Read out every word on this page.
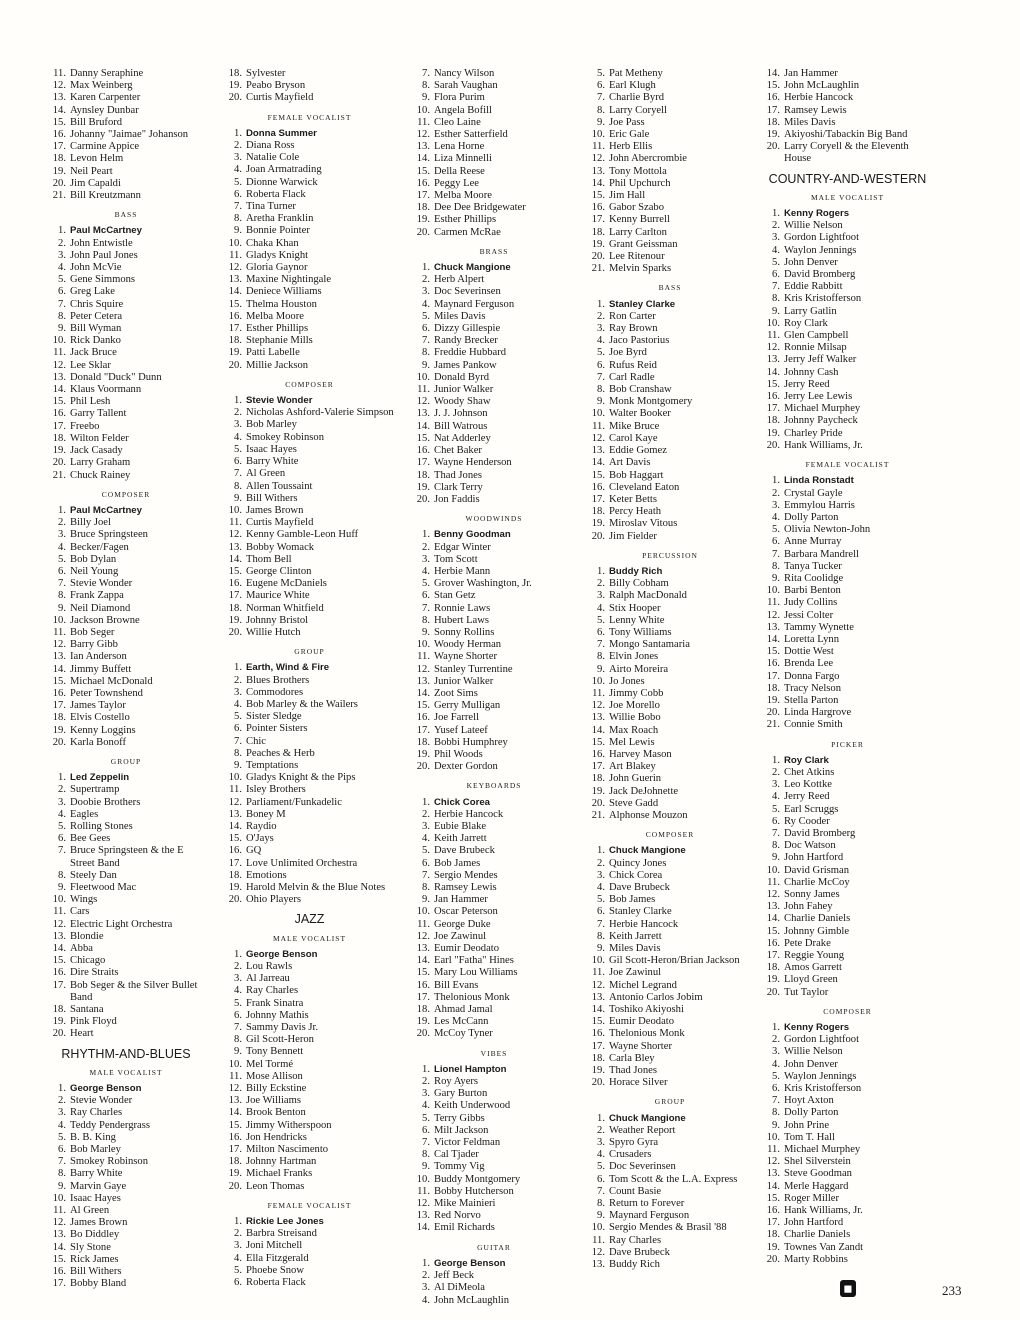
11. Danny Seraphine
12. Max Weinberg
13. Karen Carpenter
14. Aynsley Dunbar
15. Bill Bruford
16. Johanny "Jaimae" Johanson
17. Carmine Appice
18. Levon Helm
19. Neil Peart
20. Jim Capaldi
21. Bill Kreutzmann
BASS
1. Paul McCartney
2. John Entwistle
3. John Paul Jones
4. John McVie
5. Gene Simmons
6. Greg Lake
7. Chris Squire
8. Peter Cetera
9. Bill Wyman
10. Rick Danko
11. Jack Bruce
12. Lee Sklar
13. Donald "Duck" Dunn
14. Klaus Voormann
15. Phil Lesh
16. Garry Tallent
17. Freebo
18. Wilton Felder
19. Jack Casady
20. Larry Graham
21. Chuck Rainey
COMPOSER
1. Paul McCartney
2. Billy Joel
3. Bruce Springsteen
4. Becker/Fagen
5. Bob Dylan
6. Neil Young
7. Stevie Wonder
8. Frank Zappa
9. Neil Diamond
10. Jackson Browne
11. Bob Seger
12. Barry Gibb
13. Ian Anderson
14. Jimmy Buffett
15. Michael McDonald
16. Peter Townshend
17. James Taylor
18. Elvis Costello
19. Kenny Loggins
20. Karla Bonoff
GROUP
1. Led Zeppelin
2. Supertramp
3. Doobie Brothers
4. Eagles
5. Rolling Stones
6. Bee Gees
7. Bruce Springsteen & the E Street Band
8. Steely Dan
9. Fleetwood Mac
10. Wings
11. Cars
12. Electric Light Orchestra
13. Blondie
14. Abba
15. Chicago
16. Dire Straits
17. Bob Seger & the Silver Bullet Band
18. Santana
19. Pink Floyd
20. Heart
RHYTHM-AND-BLUES
MALE VOCALIST
1. George Benson
2. Stevie Wonder
3. Ray Charles
4. Teddy Pendergrass
5. B. B. King
6. Bob Marley
7. Smokey Robinson
8. Barry White
9. Marvin Gaye
10. Isaac Hayes
11. Al Green
12. James Brown
13. Bo Diddley
14. Sly Stone
15. Rick James
16. Bill Withers
17. Bobby Bland
18. Sylvester
19. Peabo Bryson
20. Curtis Mayfield
FEMALE VOCALIST
1. Donna Summer
2. Diana Ross
3. Natalie Cole
4. Joan Armatrading
5. Dionne Warwick
6. Roberta Flack
7. Tina Turner
8. Aretha Franklin
9. Bonnie Pointer
10. Chaka Khan
11. Gladys Knight
12. Gloria Gaynor
13. Maxine Nightingale
14. Deniece Williams
15. Thelma Houston
16. Melba Moore
17. Esther Phillips
18. Stephanie Mills
19. Patti Labelle
20. Millie Jackson
COMPOSER
1. Stevie Wonder
2. Nicholas Ashford-Valerie Simpson
3. Bob Marley
4. Smokey Robinson
5. Isaac Hayes
6. Barry White
7. Al Green
8. Allen Toussaint
9. Bill Withers
10. James Brown
11. Curtis Mayfield
12. Kenny Gamble-Leon Huff
13. Bobby Womack
14. Thom Bell
15. George Clinton
16. Eugene McDaniels
17. Maurice White
18. Norman Whitfield
19. Johnny Bristol
20. Willie Hutch
GROUP
1. Earth, Wind & Fire
2. Blues Brothers
3. Commodores
4. Bob Marley & the Wailers
5. Sister Sledge
6. Pointer Sisters
7. Chic
8. Peaches & Herb
9. Temptations
10. Gladys Knight & the Pips
11. Isley Brothers
12. Parliament/Funkadelic
13. Boney M
14. Raydio
15. O'Jays
16. GQ
17. Love Unlimited Orchestra
18. Emotions
19. Harold Melvin & the Blue Notes
20. Ohio Players
JAZZ
MALE VOCALIST
1. George Benson
2. Lou Rawls
3. Al Jarreau
4. Ray Charles
5. Frank Sinatra
6. Johnny Mathis
7. Sammy Davis Jr.
8. Gil Scott-Heron
9. Tony Bennett
10. Mel Tormé
11. Mose Allison
12. Billy Eckstine
13. Joe Williams
14. Brook Benton
15. Jimmy Witherspoon
16. Jon Hendricks
17. Milton Nascimento
18. Johnny Hartman
19. Michael Franks
20. Leon Thomas
FEMALE VOCALIST
1. Rickie Lee Jones
2. Barbra Streisand
3. Joni Mitchell
4. Ella Fitzgerald
5. Phoebe Snow
6. Roberta Flack
7. Nancy Wilson
8. Sarah Vaughan
9. Flora Purim
10. Angela Bofill
11. Cleo Laine
12. Esther Satterfield
13. Lena Horne
14. Liza Minnelli
15. Della Reese
16. Peggy Lee
17. Melba Moore
18. Dee Dee Bridgewater
19. Esther Phillips
20. Carmen McRae
BRASS
1. Chuck Mangione
2. Herb Alpert
3. Doc Severinsen
4. Maynard Ferguson
5. Miles Davis
6. Dizzy Gillespie
7. Randy Brecker
8. Freddie Hubbard
9. James Pankow
10. Donald Byrd
11. Junior Walker
12. Woody Shaw
13. J. J. Johnson
14. Bill Watrous
15. Nat Adderley
16. Chet Baker
17. Wayne Henderson
18. Thad Jones
19. Clark Terry
20. Jon Faddis
WOODWINDS
1. Benny Goodman
2. Edgar Winter
3. Tom Scott
4. Herbie Mann
5. Grover Washington, Jr.
6. Stan Getz
7. Ronnie Laws
8. Hubert Laws
9. Sonny Rollins
10. Woody Herman
11. Wayne Shorter
12. Stanley Turrentine
13. Junior Walker
14. Zoot Sims
15. Gerry Mulligan
16. Joe Farrell
17. Yusef Lateef
18. Bobbi Humphrey
19. Phil Woods
20. Dexter Gordon
KEYBOARDS
1. Chick Corea
2. Herbie Hancock
3. Eubie Blake
4. Keith Jarrett
5. Dave Brubeck
6. Bob James
7. Sergio Mendes
8. Ramsey Lewis
9. Jan Hammer
10. Oscar Peterson
11. George Duke
12. Joe Zawinul
13. Eumir Deodato
14. Earl "Fatha" Hines
15. Mary Lou Williams
16. Bill Evans
17. Thelonious Monk
18. Ahmad Jamal
19. Les McCann
20. McCoy Tyner
VIBES
1. Lionel Hampton
2. Roy Ayers
3. Gary Burton
4. Keith Underwood
5. Terry Gibbs
6. Milt Jackson
7. Victor Feldman
8. Cal Tjader
9. Tommy Vig
10. Buddy Montgomery
11. Bobby Hutcherson
12. Mike Mainieri
13. Red Norvo
14. Emil Richards
GUITAR
1. George Benson
2. Jeff Beck
3. Al DiMeola
4. John McLaughlin
5. Pat Metheny
6. Earl Klugh
7. Charlie Byrd
8. Larry Coryell
9. Joe Pass
10. Eric Gale
11. Herb Ellis
12. John Abercrombie
13. Tony Mottola
14. Phil Upchurch
15. Jim Hall
16. Gabor Szabo
17. Kenny Burrell
18. Larry Carlton
19. Grant Geissman
20. Lee Ritenour
21. Melvin Sparks
BASS
1. Stanley Clarke
2. Ron Carter
3. Ray Brown
4. Jaco Pastorius
5. Joe Byrd
6. Rufus Reid
7. Carl Radle
8. Bob Cranshaw
9. Monk Montgomery
10. Walter Booker
11. Mike Bruce
12. Carol Kaye
13. Eddie Gomez
14. Art Davis
15. Bob Haggart
16. Cleveland Eaton
17. Keter Betts
18. Percy Heath
19. Miroslav Vitous
20. Jim Fielder
PERCUSSION
1. Buddy Rich
2. Billy Cobham
3. Ralph MacDonald
4. Stix Hooper
5. Lenny White
6. Tony Williams
7. Mongo Santamaria
8. Elvin Jones
9. Airto Moreira
10. Jo Jones
11. Jimmy Cobb
12. Joe Morello
13. Willie Bobo
14. Max Roach
15. Mel Lewis
16. Harvey Mason
17. Art Blakey
18. John Guerin
19. Jack DeJohnette
20. Steve Gadd
21. Alphonse Mouzon
COMPOSER
1. Chuck Mangione
2. Quincy Jones
3. Chick Corea
4. Dave Brubeck
5. Bob James
6. Stanley Clarke
7. Herbie Hancock
8. Keith Jarrett
9. Miles Davis
10. Gil Scott-Heron/Brian Jackson
11. Joe Zawinul
12. Michel Legrand
13. Antonio Carlos Jobim
14. Toshiko Akiyoshi
15. Eumir Deodato
16. Thelonious Monk
17. Wayne Shorter
18. Carla Bley
19. Thad Jones
20. Horace Silver
GROUP
1. Chuck Mangione
2. Weather Report
3. Spyro Gyra
4. Crusaders
5. Doc Severinsen
6. Tom Scott & the L.A. Express
7. Count Basie
8. Return to Forever
9. Maynard Ferguson
10. Sergio Mendes & Brasil '88
11. Ray Charles
12. Dave Brubeck
13. Buddy Rich
14. Jan Hammer
15. John McLaughlin
16. Herbie Hancock
17. Ramsey Lewis
18. Miles Davis
19. Akiyoshi/Tabackin Big Band
20. Larry Coryell & the Eleventh House
COUNTRY-AND-WESTERN
MALE VOCALIST
1. Kenny Rogers
2. Willie Nelson
3. Gordon Lightfoot
4. Waylon Jennings
5. John Denver
6. David Bromberg
7. Eddie Rabbitt
8. Kris Kristofferson
9. Larry Gatlin
10. Roy Clark
11. Glen Campbell
12. Ronnie Milsap
13. Jerry Jeff Walker
14. Johnny Cash
15. Jerry Reed
16. Jerry Lee Lewis
17. Michael Murphey
18. Johnny Paycheck
19. Charley Pride
20. Hank Williams, Jr.
FEMALE VOCALIST
1. Linda Ronstadt
2. Crystal Gayle
3. Emmylou Harris
4. Dolly Parton
5. Olivia Newton-John
6. Anne Murray
7. Barbara Mandrell
8. Tanya Tucker
9. Rita Coolidge
10. Barbi Benton
11. Judy Collins
12. Jessi Colter
13. Tammy Wynette
14. Loretta Lynn
15. Dottie West
16. Brenda Lee
17. Donna Fargo
18. Tracy Nelson
19. Stella Parton
20. Linda Hargrove
21. Connie Smith
PICKER
1. Roy Clark
2. Chet Atkins
3. Leo Kottke
4. Jerry Reed
5. Earl Scruggs
6. Ry Cooder
7. David Bromberg
8. Doc Watson
9. John Hartford
10. David Grisman
11. Charlie McCoy
12. Sonny James
13. John Fahey
14. Charlie Daniels
15. Johnny Gimble
16. Pete Drake
17. Reggie Young
18. Amos Garrett
19. Lloyd Green
20. Tut Taylor
COMPOSER
1. Kenny Rogers
2. Gordon Lightfoot
3. Willie Nelson
4. John Denver
5. Waylon Jennings
6. Kris Kristofferson
7. Hoyt Axton
8. Dolly Parton
9. John Prine
10. Tom T. Hall
11. Michael Murphey
12. Shel Silverstein
13. Steve Goodman
14. Merle Haggard
15. Roger Miller
16. Hank Williams, Jr.
17. John Hartford
18. Charlie Daniels
19. Townes Van Zandt
20. Marty Robbins
◼	233
